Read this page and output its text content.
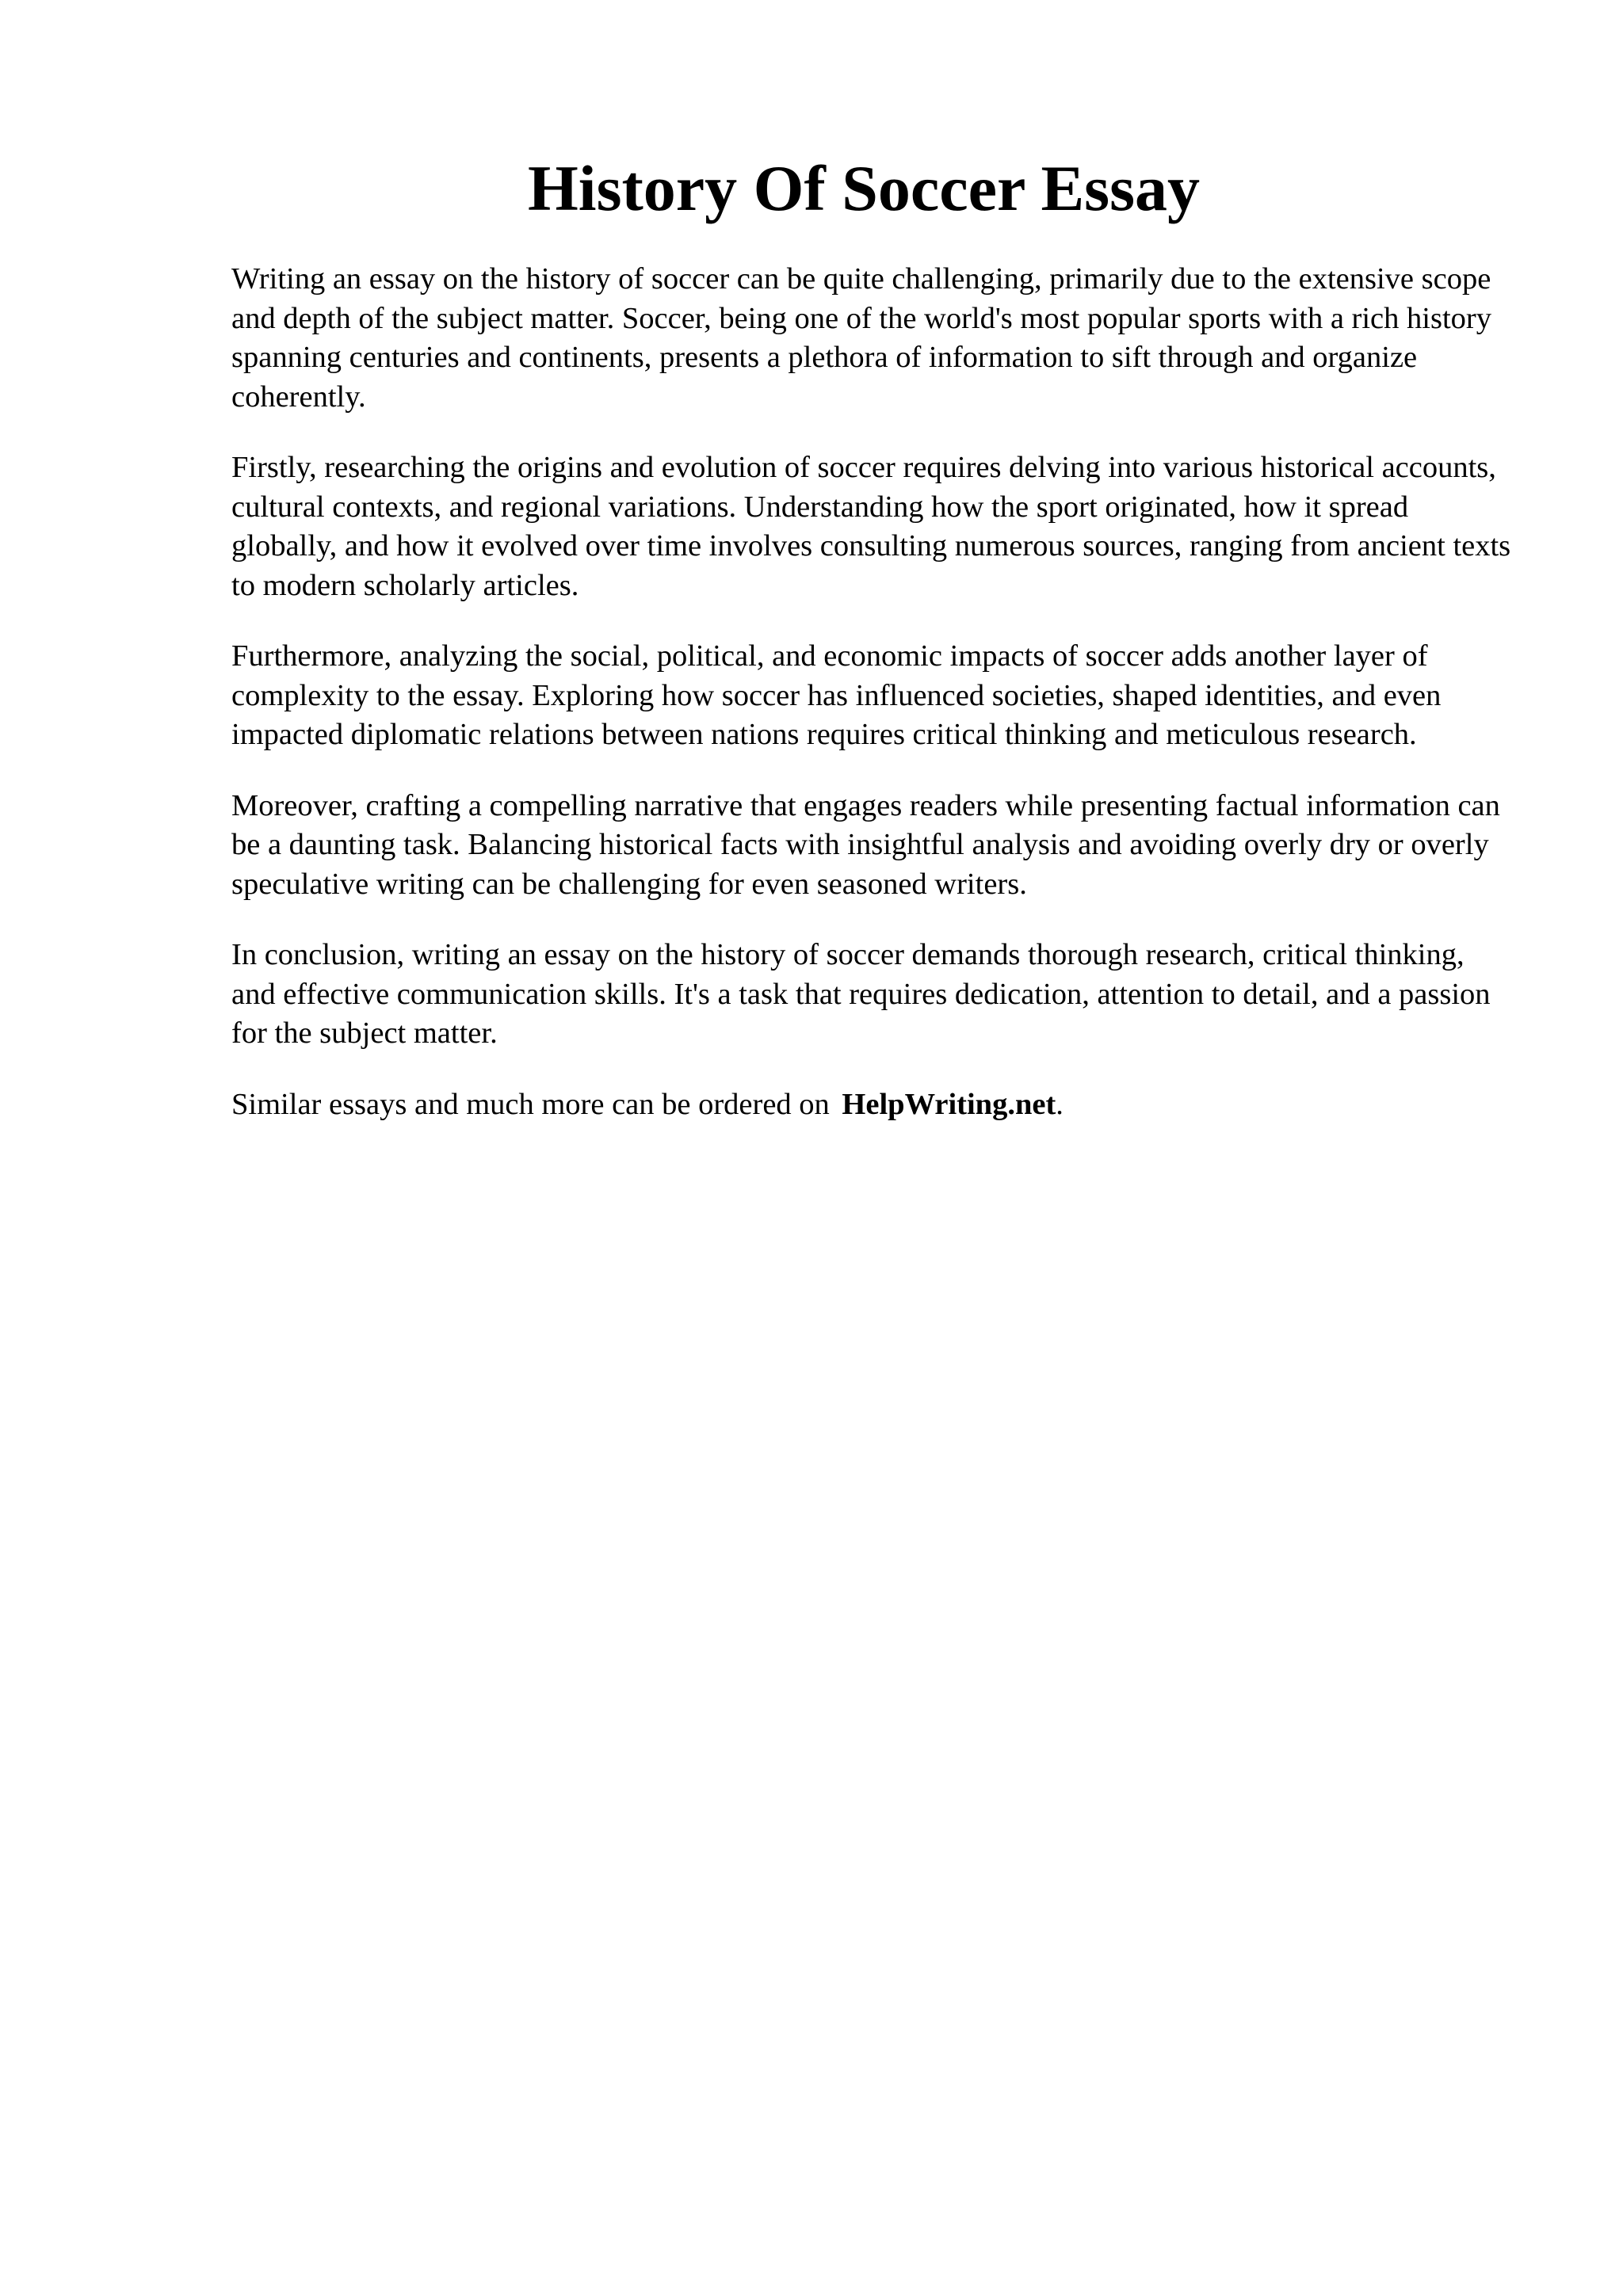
History Of Soccer Essay

Writing an essay on the history of soccer can be quite challenging, primarily due to the extensive scope and depth of the subject matter. Soccer, being one of the world's most popular sports with a rich history spanning centuries and continents, presents a plethora of information to sift through and organize coherently.

Firstly, researching the origins and evolution of soccer requires delving into various historical accounts, cultural contexts, and regional variations. Understanding how the sport originated, how it spread globally, and how it evolved over time involves consulting numerous sources, ranging from ancient texts to modern scholarly articles.

Furthermore, analyzing the social, political, and economic impacts of soccer adds another layer of complexity to the essay. Exploring how soccer has influenced societies, shaped identities, and even impacted diplomatic relations between nations requires critical thinking and meticulous research.

Moreover, crafting a compelling narrative that engages readers while presenting factual information can be a daunting task. Balancing historical facts with insightful analysis and avoiding overly dry or overly speculative writing can be challenging for even seasoned writers.

In conclusion, writing an essay on the history of soccer demands thorough research, critical thinking, and effective communication skills. It's a task that requires dedication, attention to detail, and a passion for the subject matter.

Similar essays and much more can be ordered on HelpWriting.net.
